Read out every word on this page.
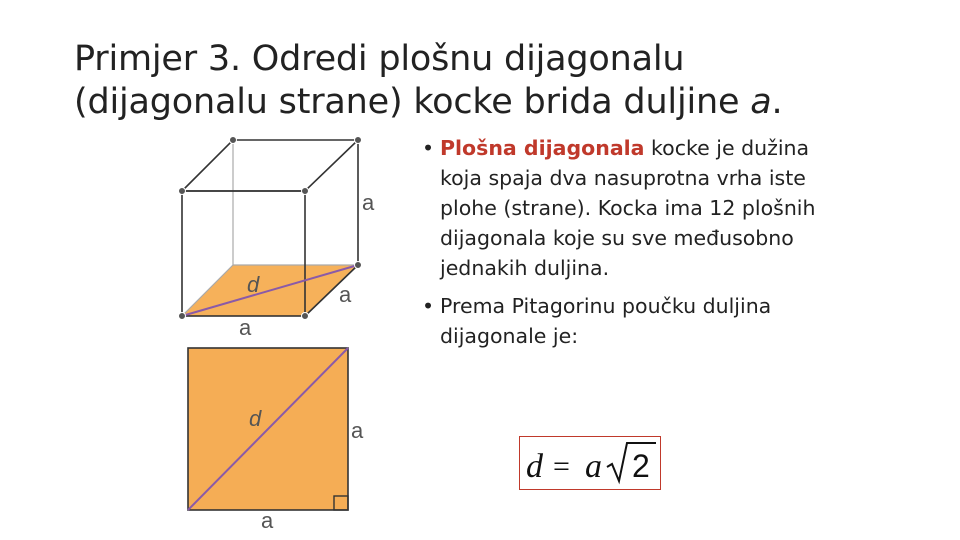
Primjer 3. Odredi plošnu dijagonalu
(dijagonalu strane) kocke brida duljine a.
a
d	a
a
d	a
a
• Plošna dijagonala kocke je dužina koja spaja dva nasuprotna vrha iste plohe (strane). Kocka ima 12 plošnih dijagonala koje su sve međusobno jednakih duljina.
• Prema Pitagorinu poučku duljina dijagonale je:
d = a 2
